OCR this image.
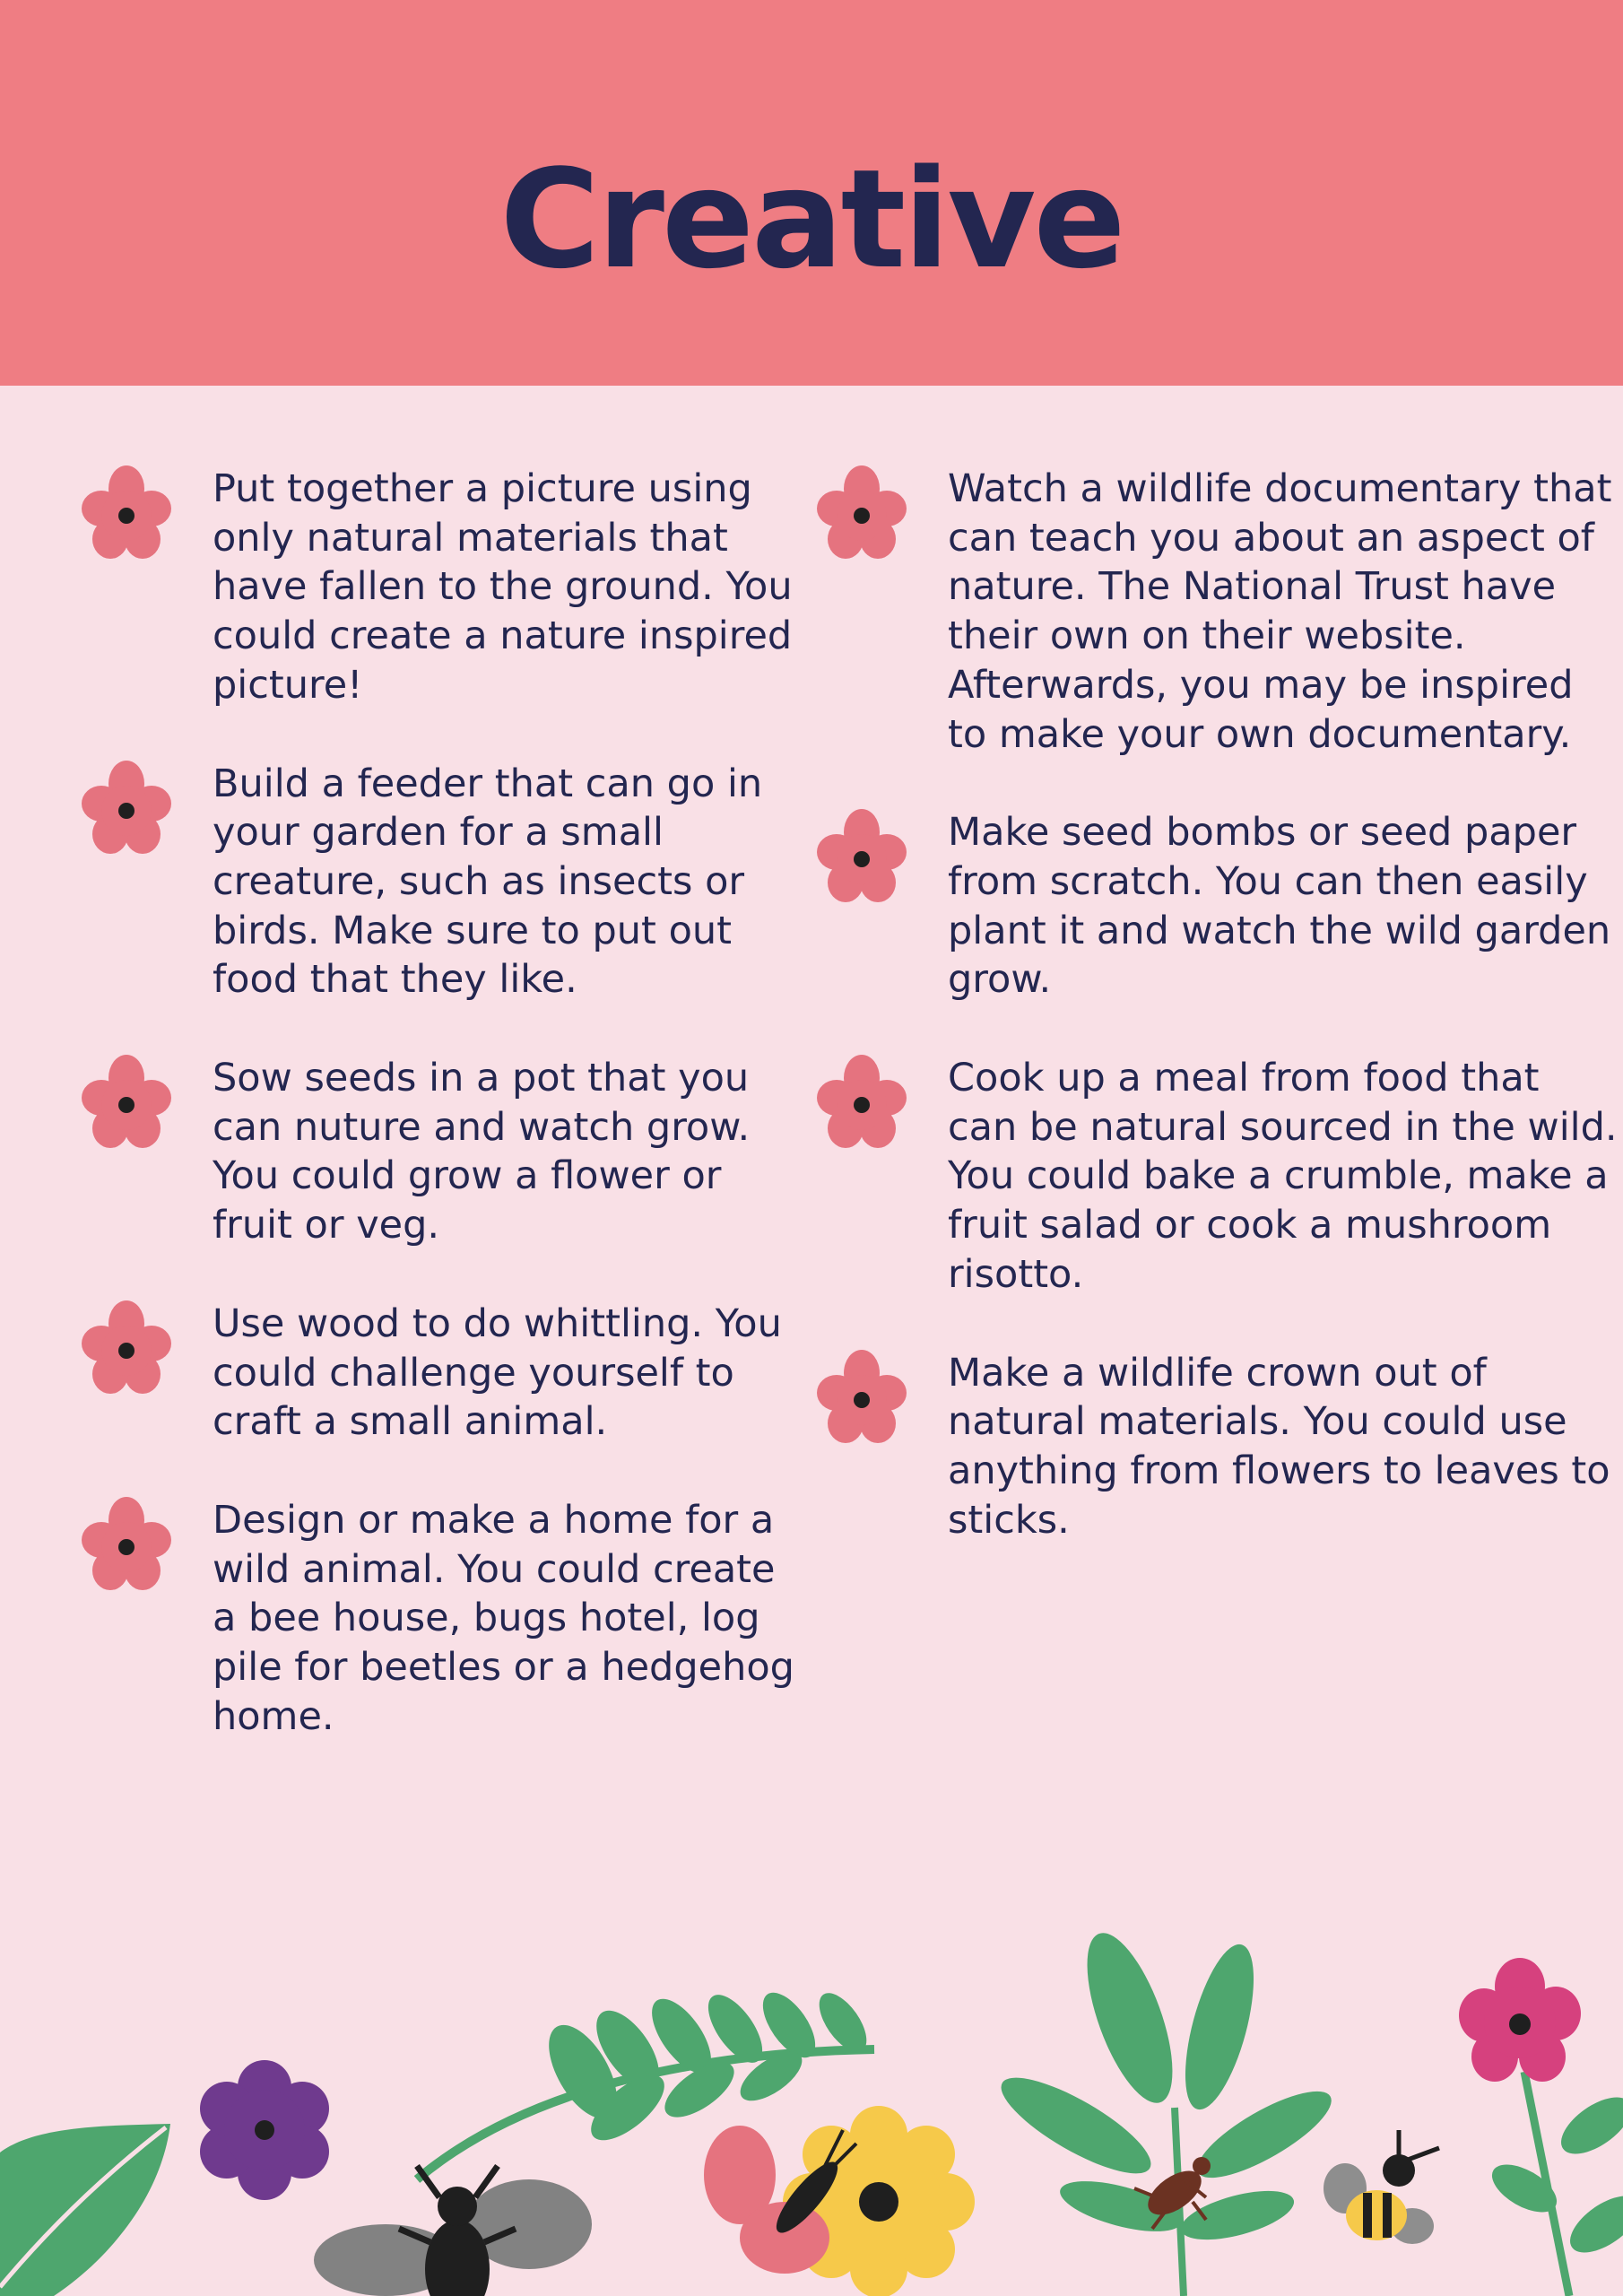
Creative

Put together a picture using only natural materials that have fallen to the ground. You could create a nature inspired picture!

Build a feeder that can go in your garden for a small creature, such as insects or birds. Make sure to put out food that they like.

Sow seeds in a pot that you can nuture and watch grow. You could grow a flower or fruit or veg.

Use wood to do whittling. You could challenge yourself to craft a small animal.

Design or make a home for a wild animal. You could create a bee house, bugs hotel, log pile for beetles or a hedgehog home.

Watch a wildlife documentary that can teach you about an aspect of nature. The National Trust have their own on their website. Afterwards, you may be inspired to make your own documentary.

Make seed bombs or seed paper from scratch. You can then easily plant it and watch the wild garden grow.

Cook up a meal from food that can be natural sourced in the wild. You could bake a crumble, make a fruit salad or cook a mushroom risotto.

Make a wildlife crown out of natural materials. You could use anything from flowers to leaves to sticks.
